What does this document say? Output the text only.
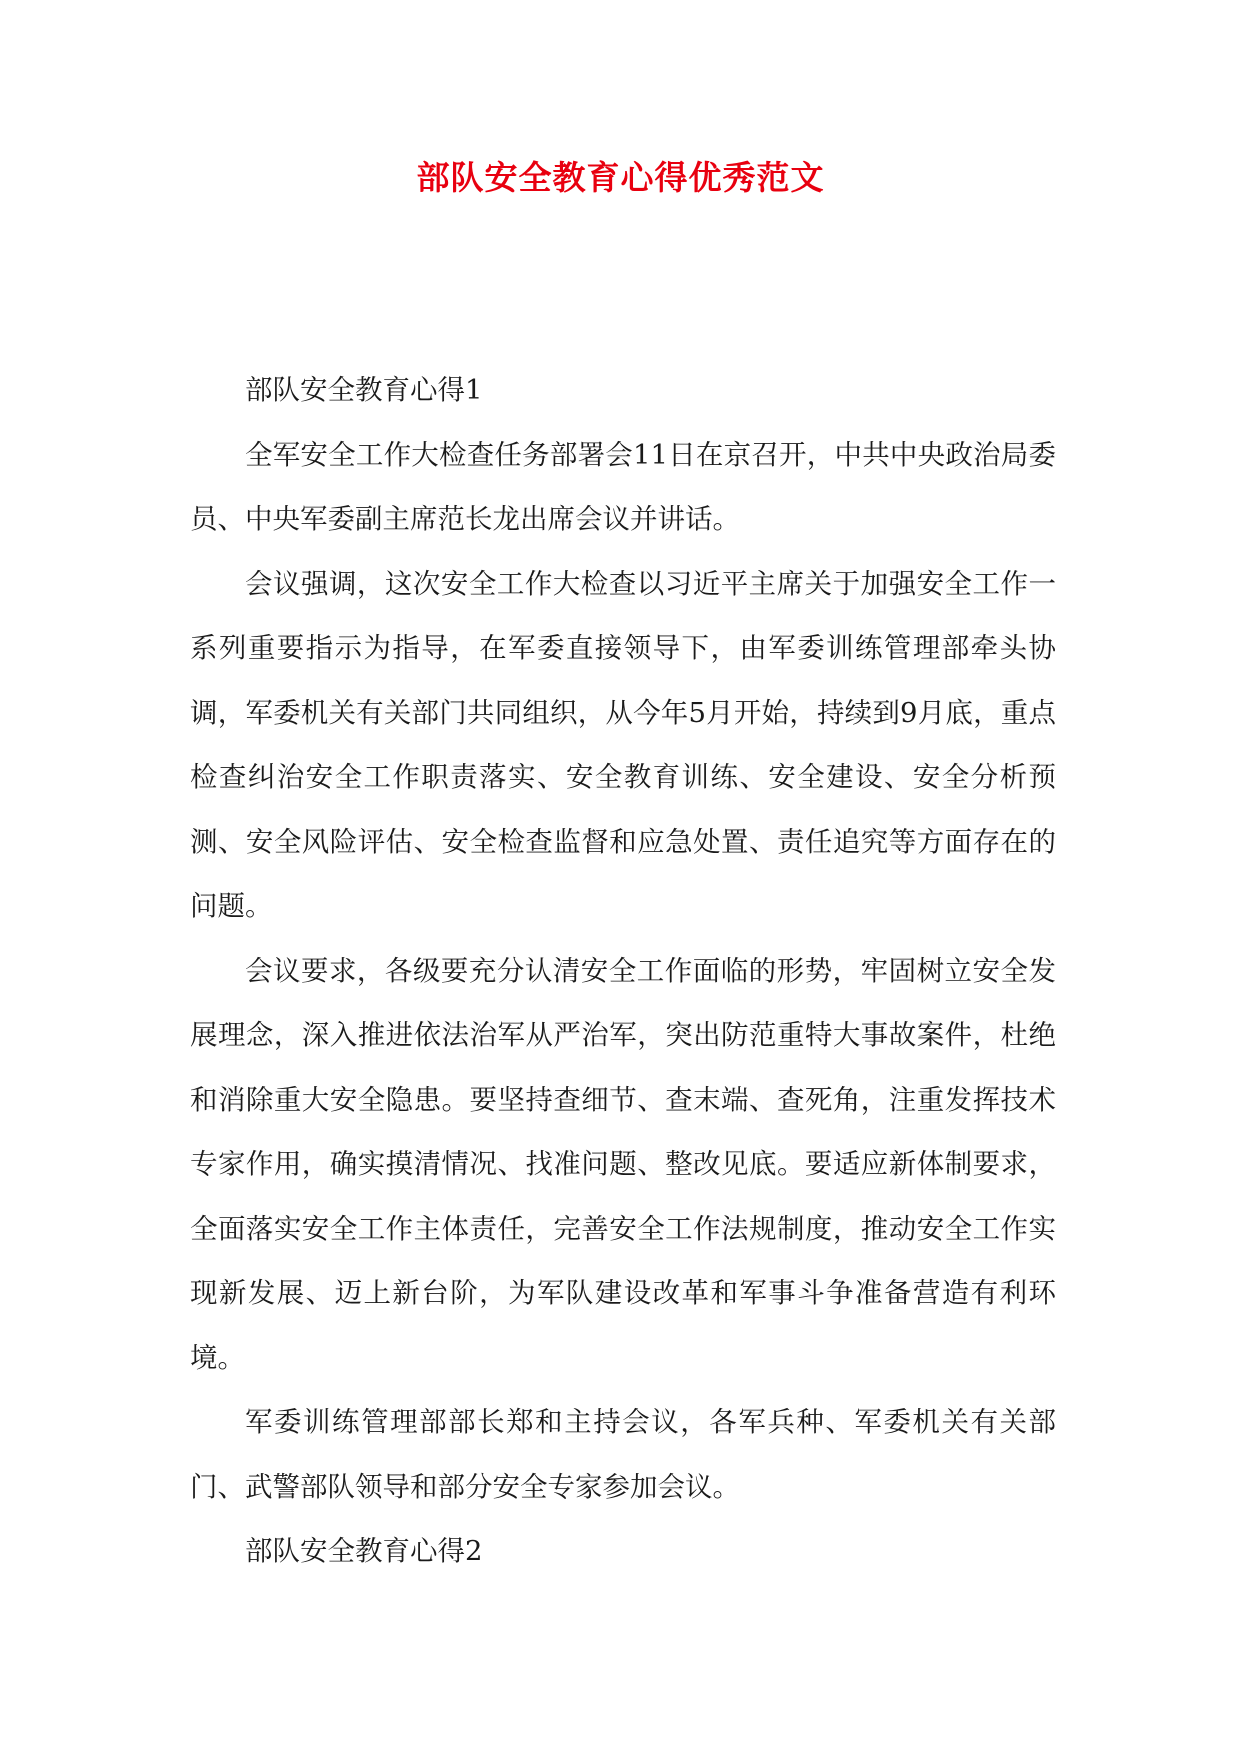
部队安全教育心得优秀范文

部队安全教育心得1

全军安全工作大检查任务部署会11日在京召开，中共中央政治局委员、中央军委副主席范长龙出席会议并讲话。

会议强调，这次安全工作大检查以习近平主席关于加强安全工作一系列重要指示为指导，在军委直接领导下，由军委训练管理部牵头协调，军委机关有关部门共同组织，从今年5月开始，持续到9月底，重点检查纠治安全工作职责落实、安全教育训练、安全建设、安全分析预测、安全风险评估、安全检查监督和应急处置、责任追究等方面存在的问题。

会议要求，各级要充分认清安全工作面临的形势，牢固树立安全发展理念，深入推进依法治军从严治军，突出防范重特大事故案件，杜绝和消除重大安全隐患。要坚持查细节、查末端、查死角，注重发挥技术专家作用，确实摸清情况、找准问题、整改见底。要适应新体制要求，全面落实安全工作主体责任，完善安全工作法规制度，推动安全工作实现新发展、迈上新台阶，为军队建设改革和军事斗争准备营造有利环境。

军委训练管理部部长郑和主持会议，各军兵种、军委机关有关部门、武警部队领导和部分安全专家参加会议。

部队安全教育心得2
